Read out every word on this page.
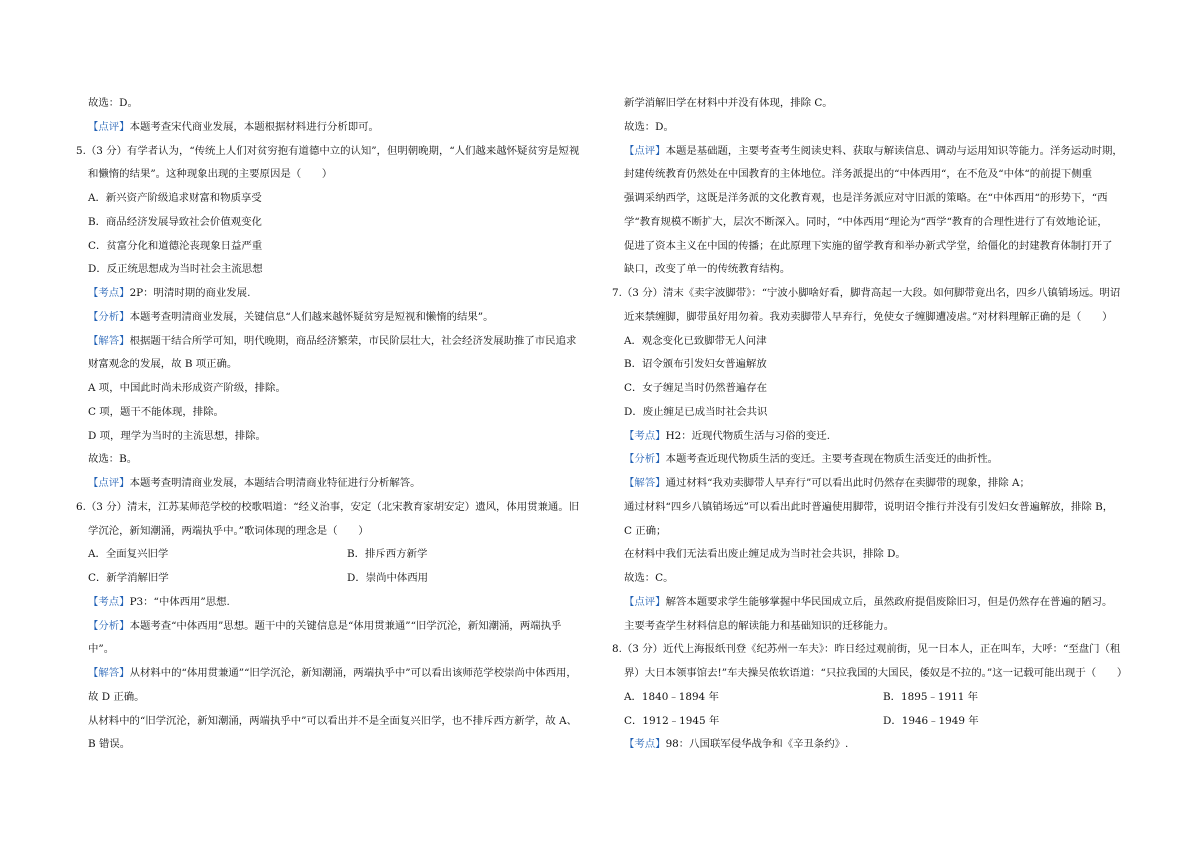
故选：D。
【点评】本题考查宋代商业发展，本题根据材料进行分析即可。
5.（3 分）有学者认为，“传统上人们对贫穷抱有道德中立的认知”，但明朝晚期，“人们越来越怀疑贫穷是短视
和懒惰的结果”。这种现象出现的主要原因是（　　）
A．新兴资产阶级追求财富和物质享受
B．商品经济发展导致社会价值观变化
C．贫富分化和道德沦丧现象日益严重
D．反正统思想成为当时社会主流思想
【考点】2P：明清时期的商业发展.
【分析】本题考查明清商业发展，关键信息“人们越来越怀疑贫穷是短视和懒惰的结果”。
【解答】根据题干结合所学可知，明代晚期，商品经济繁荣，市民阶层壮大，社会经济发展助推了市民追求
财富观念的发展，故 B 项正确。
A 项，中国此时尚未形成资产阶级，排除。
C 项，题干不能体现，排除。
D 项，理学为当时的主流思想，排除。
故选：B。
【点评】本题考查明清商业发展，本题结合明清商业特征进行分析解答。
6.（3 分）清末，江苏某师范学校的校歌唱道：“经义治事，安定（北宋教育家胡安定）遗风，体用贯兼通。旧
学沉沦，新知潮涌，两端执乎中。”歌词体现的理念是（　　）
A．全面复兴旧学	B．排斥西方新学
C．新学消解旧学	D．崇尚中体西用
【考点】P3：“中体西用”思想.
【分析】本题考查“中体西用”思想。题干中的关键信息是“体用贯兼通”“旧学沉沦，新知潮涌，两端执乎
中”。
【解答】从材料中的“体用贯兼通”“旧学沉沦，新知潮涌，两端执乎中”可以看出该师范学校崇尚中体西用，
故 D 正确。
从材料中的“旧学沉沦，新知潮涌，两端执乎中”可以看出并不是全面复兴旧学，也不排斥西方新学，故 A、
B 错误。
新学消解旧学在材料中并没有体现，排除 C。
故选：D。
【点评】本题是基础题，主要考查考生阅读史料、获取与解读信息、调动与运用知识等能力。洋务运动时期，
封建传统教育仍然处在中国教育的主体地位。洋务派提出的“中体西用“，在不危及“中体“的前提下侧重
强调采纳西学，这既是洋务派的文化教育观，也是洋务派应对守旧派的策略。在“中体西用“的形势下，“西
学“教育规模不断扩大，层次不断深入。同时，“中体西用“理论为“西学“教育的合理性进行了有效地论证，
促进了资本主义在中国的传播；在此原理下实施的留学教育和举办新式学堂，给僵化的封建教育体制打开了
缺口，改变了单一的传统教育结构。
7.（3 分）清末《卖字波脚带》：“宁波小脚啥好看，脚背高起一大段。如何脚带竟出名，四乡八镇销场远。明诏
近来禁缠脚，脚带虽好用勿着。我劝卖脚带人早弃行，免使女子缠脚遭凌虐。”对材料理解正确的是（　　）
A．观念变化已致脚带无人问津
B．诏令颁布引发妇女普遍解放
C．女子缠足当时仍然普遍存在
D．废止缠足已成当时社会共识
【考点】H2：近现代物质生活与习俗的变迁.
【分析】本题考查近现代物质生活的变迁。主要考查现在物质生活变迁的曲折性。
【解答】通过材料“我劝卖脚带人早弃行”可以看出此时仍然存在卖脚带的现象，排除 A；
通过材料“四乡八镇销场远”可以看出此时普遍使用脚带，说明诏令推行并没有引发妇女普遍解放，排除 B，
C 正确；
在材料中我们无法看出废止缠足成为当时社会共识，排除 D。
故选：C。
【点评】解答本题要求学生能够掌握中华民国成立后，虽然政府提倡废除旧习，但是仍然存在普遍的陋习。
主要考查学生材料信息的解读能力和基础知识的迁移能力。
8.（3 分）近代上海报纸刊登《纪苏州一车夫》：昨日经过观前街，见一日本人，正在叫车，大呼：“至盘门（租
界）大日本领事馆去!”车夫操吴侬软语道：“只拉我国的大国民，倭奴是不拉的。”这一记载可能出现于（　　）
A．1840﹣1894 年	B．1895﹣1911 年
C．1912﹣1945 年	D．1946﹣1949 年
【考点】98：八国联军侵华战争和《辛丑条约》.
